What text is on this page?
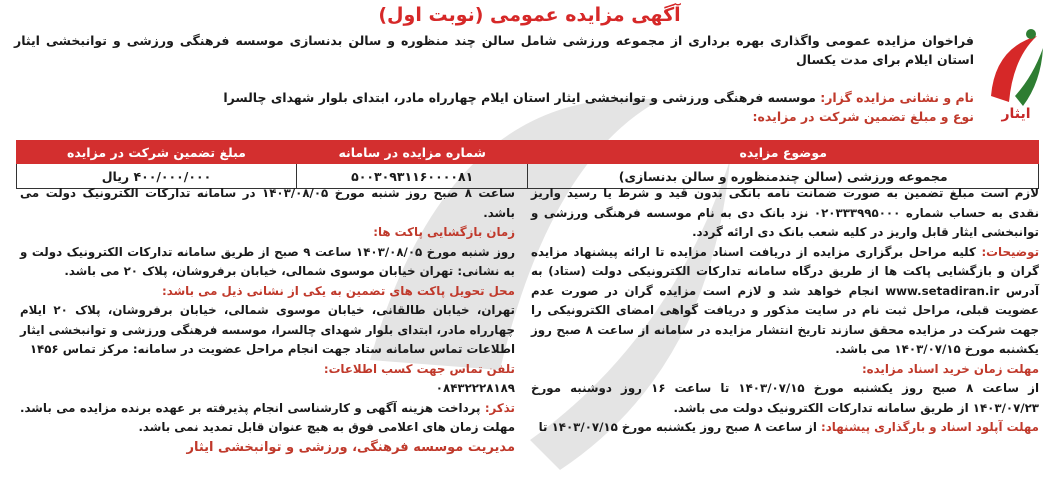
ایثار
آگهی مزایده عمومی (نوبت اول)
فراخوان مزایده عمومی واگذاری بهره برداری از مجموعه ورزشی شامل سالن چند منظوره و سالن بدنسازی موسسه فرهنگی ورزشی و توانبخشی ایثار استان ایلام برای مدت یکسال
نام و نشانی مزایده گزار: موسسه فرهنگی ورزشی و توانبخشی ایثار استان ایلام چهارراه مادر، ابتدای بلوار شهدای چالسرا
نوع و مبلغ تضمین شرکت در مزایده:
موضوع مزایده	شماره مزایده در سامانه	مبلغ تضمین شرکت در مزایده
مجموعه ورزشی (سالن چندمنظوره و سالن بدنسازی)	۵۰۰۳۰۹۳۱۱۶۰۰۰۰۸۱	۴۰۰/۰۰۰/۰۰۰ ریال

لازم است مبلغ تضمین به صورت ضمانت نامه بانکی بدون قید و شرط یا رسید واریز نقدی به حساب شماره ۰۲۰۳۳۳۹۹۵۰۰۰ نزد بانک دی به نام موسسه فرهنگی ورزشی و توانبخشی ایثار قابل واریز در کلیه شعب بانک دی ارائه گردد.

توضیحات: کلیه مراحل برگزاری مزایده از دریافت اسناد مزایده تا ارائه پیشنهاد مزایده گران و بازگشایی پاکت ها از طریق درگاه سامانه تدارکات الکترونیکی دولت (ستاد) به آدرس www.setadiran.ir انجام خواهد شد و لازم است مزایده گران در صورت عدم عضویت قبلی، مراحل ثبت نام در سایت مذکور و دریافت گواهی امضای الکترونیکی را جهت شرکت در مزایده محقق سازند تاریخ انتشار مزایده در سامانه از ساعت ۸ صبح روز یکشنبه مورخ ۱۴۰۳/۰۷/۱۵ می باشد.

مهلت زمان خرید اسناد مزایده:

از ساعت ۸ صبح روز یکشنبه مورخ ۱۴۰۳/۰۷/۱۵ تا ساعت ۱۶ روز دوشنبه مورخ ۱۴۰۳/۰۷/۲۳ از طریق سامانه تدارکات الکترونیک دولت می باشد.

مهلت آپلود اسناد و بارگذاری پیشنهاد: از ساعت ۸ صبح روز یکشنبه مورخ ۱۴۰۳/۰۷/۱۵ تا

ساعت ۸ صبح روز شنبه مورخ ۱۴۰۳/۰۸/۰۵ در سامانه تدارکات الکترونیک دولت می باشد.

زمان بازگشایی پاکت ها:

روز شنبه مورخ ۱۴۰۳/۰۸/۰۵ ساعت ۹ صبح از طریق سامانه تدارکات الکترونیک دولت و به نشانی: تهران خیابان موسوی شمالی، خیابان برفروشان، پلاک ۲۰ می باشد.

محل تحویل پاکت های تضمین به یکی از نشانی ذیل می باشد:

تهران، خیابان طالقانی، خیابان موسوی شمالی، خیابان برفروشان، پلاک ۲۰ ایلام چهارراه مادر، ابتدای بلوار شهدای چالسرا، موسسه فرهنگی ورزشی و توانبخشی ایثار اطلاعات تماس سامانه ستاد جهت انجام مراحل عضویت در سامانه: مرکز تماس ۱۴۵۶

تلفن تماس جهت کسب اطلاعات:

۰۸۴۳۲۲۲۸۱۸۹

تذکر: پرداخت هزینه آگهی و کارشناسی انجام پذیرفته بر عهده برنده مزایده می باشد. مهلت زمان های اعلامی فوق به هیچ عنوان قابل تمدید نمی باشد.

مدیریت موسسه فرهنگی، ورزشی و توانبخشی ایثار
